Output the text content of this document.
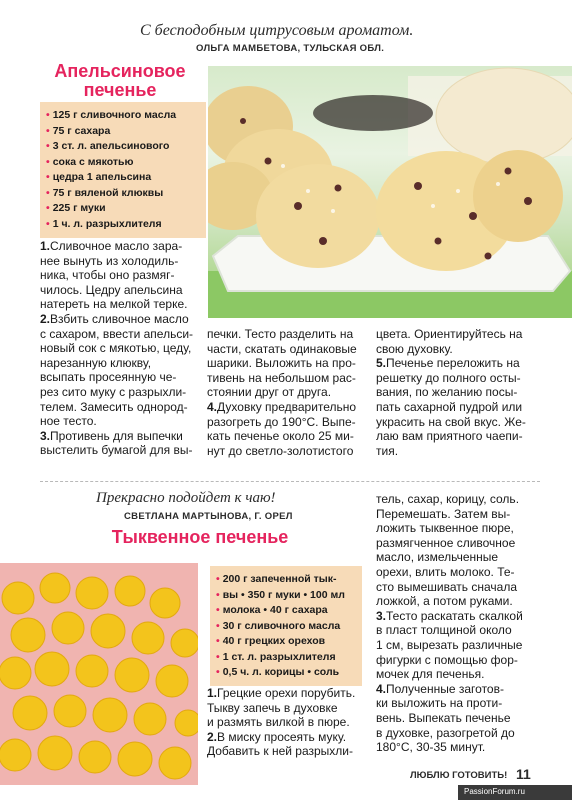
С бесподобным цитрусовым ароматом.
ОЛЬГА МАМБЕТОВА, ТУЛЬСКАЯ ОБЛ.
Апельсиновое
печенье
• 125 г сливочного масла
• 75 г сахара
• 3 ст. л. апельсинового
• сока с мякотью
• цедра 1 апельсина
• 75 г вяленой клюквы
• 225 г муки
• 1 ч. л. разрыхлителя
1.Сливочное масло зара-
нее вынуть из холодиль-
ника, чтобы оно размяг-
чилось. Цедру апельсина
натереть на мелкой терке.
2.Взбить сливочное масло
с сахаром, ввести апельси-
новый сок с мякотью, цеду,
нарезанную клюкву,
всыпать просеянную че-
рез сито муку с разрыхли-
телем. Замесить однород-
ное тесто.
3.Противень для выпечки
выстелить бумагой для вы-
печки. Тесто разделить на
части, скатать одинаковые
шарики. Выложить на про-
тивень на небольшом рас-
стоянии друг от друга.
4.Духовку предварительно
разогреть до 190°С. Выпе-
кать печенье около 25 ми-
нут до светло-золотистого
цвета. Ориентируйтесь на
свою духовку.
5.Печенье переложить на
решетку до полного осты-
вания, по желанию посы-
пать сахарной пудрой или
украсить на свой вкус. Же-
лаю вам приятного чаепи-
тия.
Прекрасно подойдет к чаю!
СВЕТЛАНА МАРТЫНОВА, Г. ОРЕЛ
Тыквенное печенье
• 200 г запеченной тык-
• вы • 350 г муки • 100 мл
• молока • 40 г сахара
• 30 г сливочного масла
• 40 г грецких орехов
• 1 ст. л. разрыхлителя
• 0,5 ч. л. корицы • соль
1.Грецкие орехи порубить.
Тыкву запечь в духовке
и размять вилкой в пюре.
2.В миску просеять муку.
Добавить к ней разрыхли-
тель, сахар, корицу, соль.
Перемешать. Затем вы-
ложить тыквенное пюре,
размягченное сливочное
масло, измельченные
орехи, влить молоко. Те-
сто вымешивать сначала
ложкой, а потом руками.
3.Тесто раскатать скалкой
в пласт толщиной около
1 см, вырезать различные
фигурки с помощью фор-
мочек для печенья.
4.Полученные заготов-
ки выложить на проти-
вень. Выпекать печенье
в духовке, разогретой до
180°С, 30-35 минут.
ЛЮБЛЮ ГОТОВИТЬ! 11
PassionForum.ru
